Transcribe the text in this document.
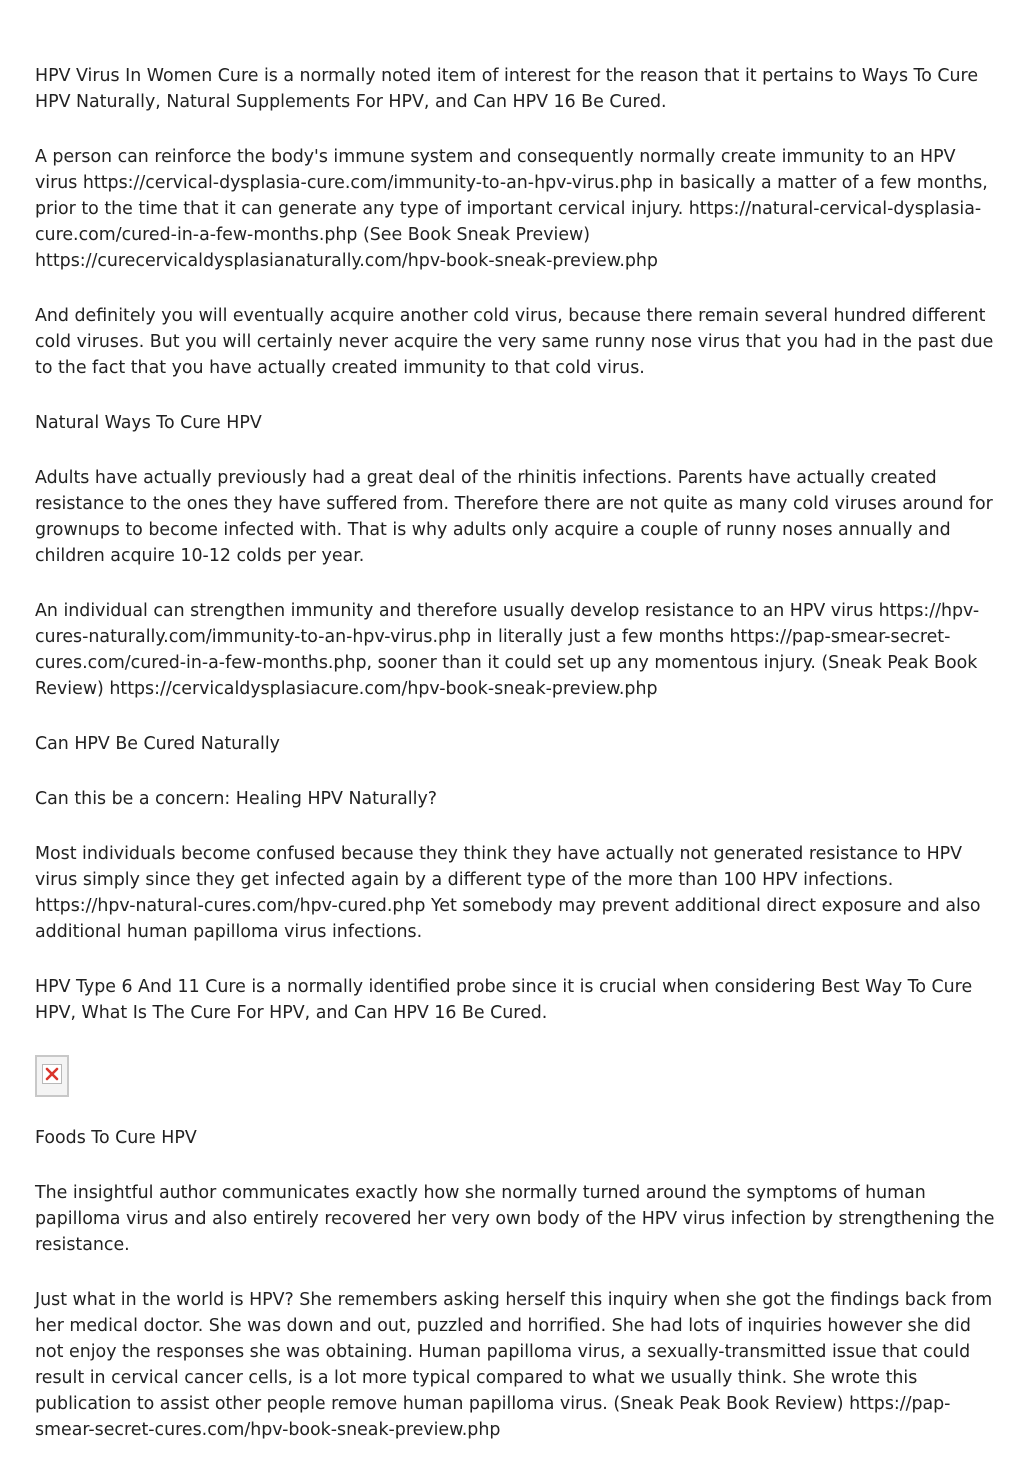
HPV Virus In Women Cure is a normally noted item of interest for the reason that it pertains to Ways To Cure HPV Naturally, Natural Supplements For HPV, and Can HPV 16 Be Cured.

A person can reinforce the body's immune system and consequently normally create immunity to an HPV virus https://cervical-dysplasia-cure.com/immunity-to-an-hpv-virus.php in basically a matter of a few months, prior to the time that it can generate any type of important cervical injury. https://natural-cervical-dysplasia-cure.com/cured-in-a-few-months.php (See Book Sneak Preview) https://curecervicaldysplasianaturally.com/hpv-book-sneak-preview.php

And definitely you will eventually acquire another cold virus, because there remain several hundred different cold viruses. But you will certainly never acquire the very same runny nose virus that you had in the past due to the fact that you have actually created immunity to that cold virus.

Natural Ways To Cure HPV

Adults have actually previously had a great deal of the rhinitis infections. Parents have actually created resistance to the ones they have suffered from. Therefore there are not quite as many cold viruses around for grownups to become infected with. That is why adults only acquire a couple of runny noses annually and children acquire 10-12 colds per year.

An individual can strengthen immunity and therefore usually develop resistance to an HPV virus https://hpv-cures-naturally.com/immunity-to-an-hpv-virus.php in literally just a few months https://pap-smear-secret-cures.com/cured-in-a-few-months.php, sooner than it could set up any momentous injury. (Sneak Peak Book Review) https://cervicaldysplasiacure.com/hpv-book-sneak-preview.php

Can HPV Be Cured Naturally

Can this be a concern: Healing HPV Naturally?

Most individuals become confused because they think they have actually not generated resistance to HPV virus simply since they get infected again by a different type of the more than 100 HPV infections. https://hpv-natural-cures.com/hpv-cured.php Yet somebody may prevent additional direct exposure and also additional human papilloma virus infections.

HPV Type 6 And 11 Cure is a normally identified probe since it is crucial when considering Best Way To Cure HPV, What Is The Cure For HPV, and Can HPV 16 Be Cured.

Foods To Cure HPV

The insightful author communicates exactly how she normally turned around the symptoms of human papilloma virus and also entirely recovered her very own body of the HPV virus infection by strengthening the resistance.

Just what in the world is HPV? She remembers asking herself this inquiry when she got the findings back from her medical doctor. She was down and out, puzzled and horrified. She had lots of inquiries however she did not enjoy the responses she was obtaining. Human papilloma virus, a sexually-transmitted issue that could result in cervical cancer cells, is a lot more typical compared to what we usually think. She wrote this publication to assist other people remove human papilloma virus. (Sneak Peak Book Review) https://pap-smear-secret-cures.com/hpv-book-sneak-preview.php
